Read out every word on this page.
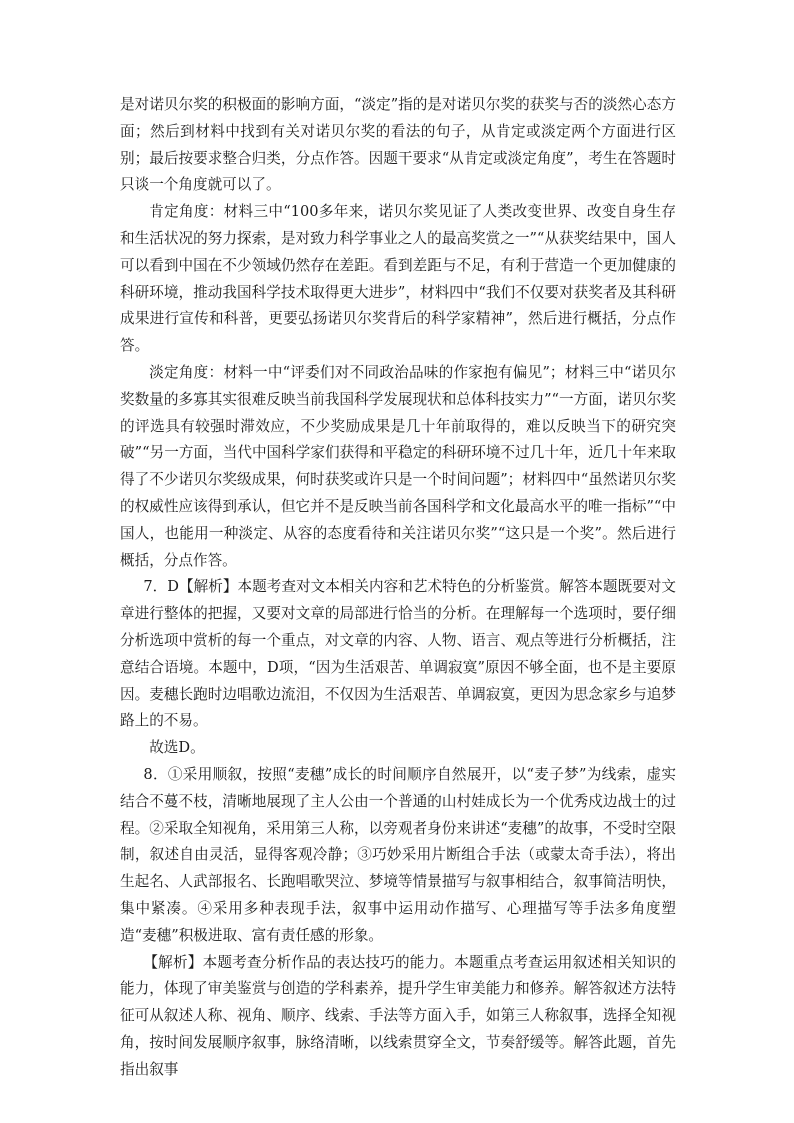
是对诺贝尔奖的积极面的影响方面，“淡定”指的是对诺贝尔奖的获奖与否的淡然心态方面；然后到材料中找到有关对诺贝尔奖的看法的句子，从肯定或淡定两个方面进行区别；最后按要求整合归类，分点作答。因题干要求“从肯定或淡定角度”，考生在答题时只谈一个角度就可以了。

肯定角度：材料三中“100多年来，诺贝尔奖见证了人类改变世界、改变自身生存和生活状况的努力探索，是对致力科学事业之人的最高奖赏之一”“从获奖结果中，国人可以看到中国在不少领域仍然存在差距。看到差距与不足，有利于营造一个更加健康的科研环境，推动我国科学技术取得更大进步”，材料四中“我们不仅要对获奖者及其科研成果进行宣传和科普，更要弘扬诺贝尔奖背后的科学家精神”，然后进行概括，分点作答。

淡定角度：材料一中“评委们对不同政治品味的作家抱有偏见”；材料三中“诺贝尔奖数量的多寡其实很难反映当前我国科学发展现状和总体科技实力”“一方面，诺贝尔奖的评选具有较强时滞效应，不少奖励成果是几十年前取得的，难以反映当下的研究突破”“另一方面，当代中国科学家们获得和平稳定的科研环境不过几十年，近几十年来取得了不少诺贝尔奖级成果，何时获奖或许只是一个时间问题”；材料四中“虽然诺贝尔奖的权威性应该得到承认，但它并不是反映当前各国科学和文化最高水平的唯一指标”“中国人，也能用一种淡定、从容的态度看待和关注诺贝尔奖”“这只是一个奖”。然后进行概括，分点作答。

7．D【解析】本题考查对文本相关内容和艺术特色的分析鉴赏。解答本题既要对文章进行整体的把握，又要对文章的局部进行恰当的分析。在理解每一个选项时，要仔细分析选项中赏析的每一个重点，对文章的内容、人物、语言、观点等进行分析概括，注意结合语境。本题中，D项，“因为生活艰苦、单调寂寞”原因不够全面，也不是主要原因。麦穗长跑时边唱歌边流泪，不仅因为生活艰苦、单调寂寞，更因为思念家乡与追梦路上的不易。

故选D。

8．①采用顺叙，按照“麦穗”成长的时间顺序自然展开，以“麦子梦”为线索，虚实结合不蔓不枝，清晰地展现了主人公由一个普通的山村娃成长为一个优秀戍边战士的过程。②采取全知视角，采用第三人称，以旁观者身份来讲述“麦穗”的故事，不受时空限制，叙述自由灵活，显得客观冷静；③巧妙采用片断组合手法（或蒙太奇手法），将出生起名、人武部报名、长跑唱歌哭泣、梦境等情景描写与叙事相结合，叙事简洁明快，集中紧凑。④采用多种表现手法，叙事中运用动作描写、心理描写等手法多角度塑造“麦穗”积极进取、富有责任感的形象。

【解析】本题考查分析作品的表达技巧的能力。本题重点考查运用叙述相关知识的能力，体现了审美鉴赏与创造的学科素养，提升学生审美能力和修养。解答叙述方法特征可从叙述人称、视角、顺序、线索、手法等方面入手，如第三人称叙事，选择全知视角，按时间发展顺序叙事，脉络清晰，以线索贯穿全文，节奏舒缓等。解答此题，首先指出叙事
